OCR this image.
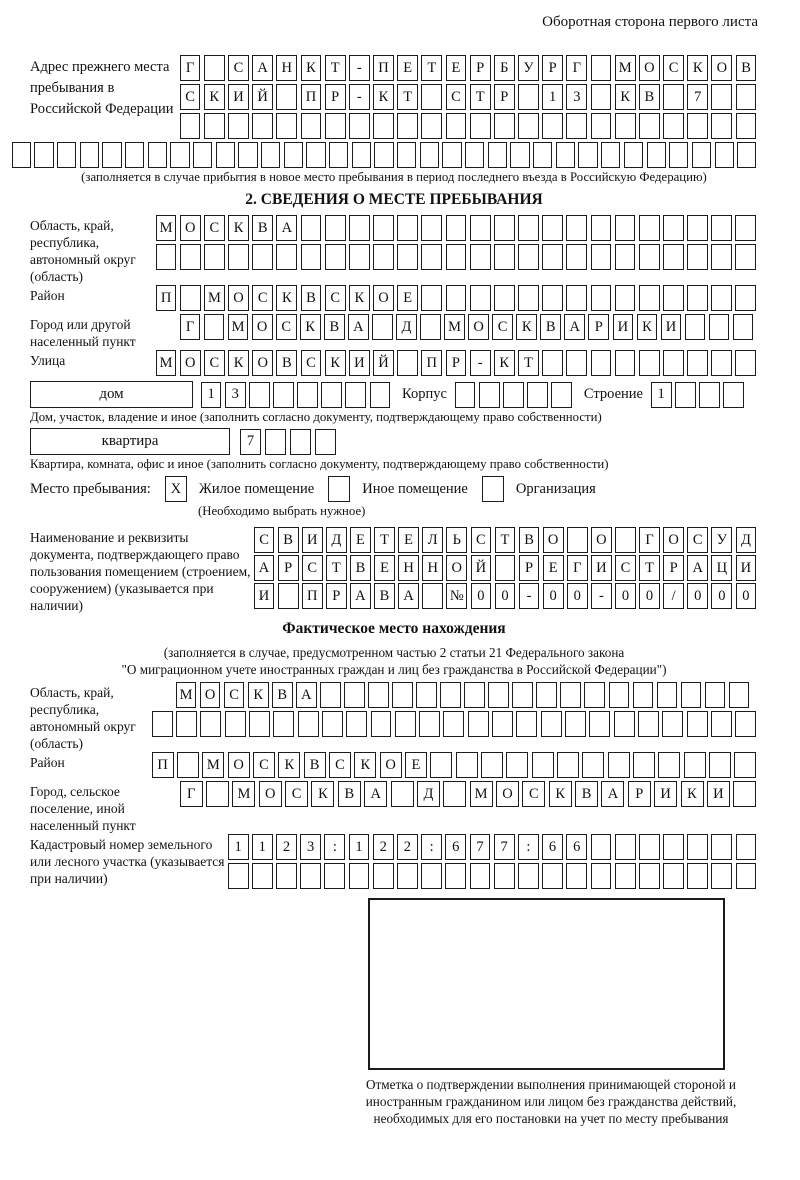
Оборотная сторона первого листа
Адрес прежнего места пребывания в Российской Федерации
Г	С А Н К	Т	-	П	Е	Т	Е	Р	Б	У	Р	Г	М О С	К О В
С	К И Й	П	Р	-	К	Т	С	Т	Р	1	3	К	В	7
(заполняется в случае прибытия в новое место пребывания в период последнего въезда в Российскую Федерацию)
2. СВЕДЕНИЯ О МЕСТЕ ПРЕБЫВАНИЯ
Область, край, республика, автономный округ (область)
М О С К В А
Район	П	М О С К В С К О Е
Город или другой населенный пункт
Г	М О С К В А	Д	М О С К В А	Р	И К И
Улица	М О С К О В С К И Й	П	Р	-	К	Т
дом	1	3	Корпус	Строение	1
Дом, участок, владение и иное (заполнить согласно документу, подтверждающему право собственности)
квартира	7
Квартира, комната, офис и иное (заполнить согласно документу, подтверждающему право собственности)
Место пребывания:	X	Жилое помещение	Иное помещение	Организация
(Необходимо выбрать нужное)
Наименование и реквизиты документа, подтверждающего право пользования помещением (строением, сооружением) (указывается при наличии)
С В И Д	Е	Т	Е	Л	Ь	С	Т	В О	О	Г	О С У Д
А	Р	С	Т	В	Е Н Н О Й	Р	Е	Г	И С	Т	Р	А Ц И
И	П	Р	А В А	№ 0	0	-	0	0	-	0	0	/	0	0	0
Фактическое место нахождения
(заполняется в случае, предусмотренном частью 2 статьи 21 Федерального закона
"О миграционном учете иностранных граждан и лиц без гражданства в Российской Федерации")
Область, край, республика, автономный округ (область)
М О С К В А
Район	П	М О	С	К	В	С	К	О	Е
Город, сельское поселение, иной населенный пункт
Г	М	О	С	К	В	А	Д	М	О	С	К	В	А	Р	И	К	И
Кадастровый номер земельного или лесного участка (указывается при наличии)
1	1	2	3	:	1	2	2	:	6	7	7	:	6	6
Отметка о подтверждении выполнения принимающей стороной и иностранным гражданином или лицом без гражданства действий, необходимых для его постановки на учет по месту пребывания
